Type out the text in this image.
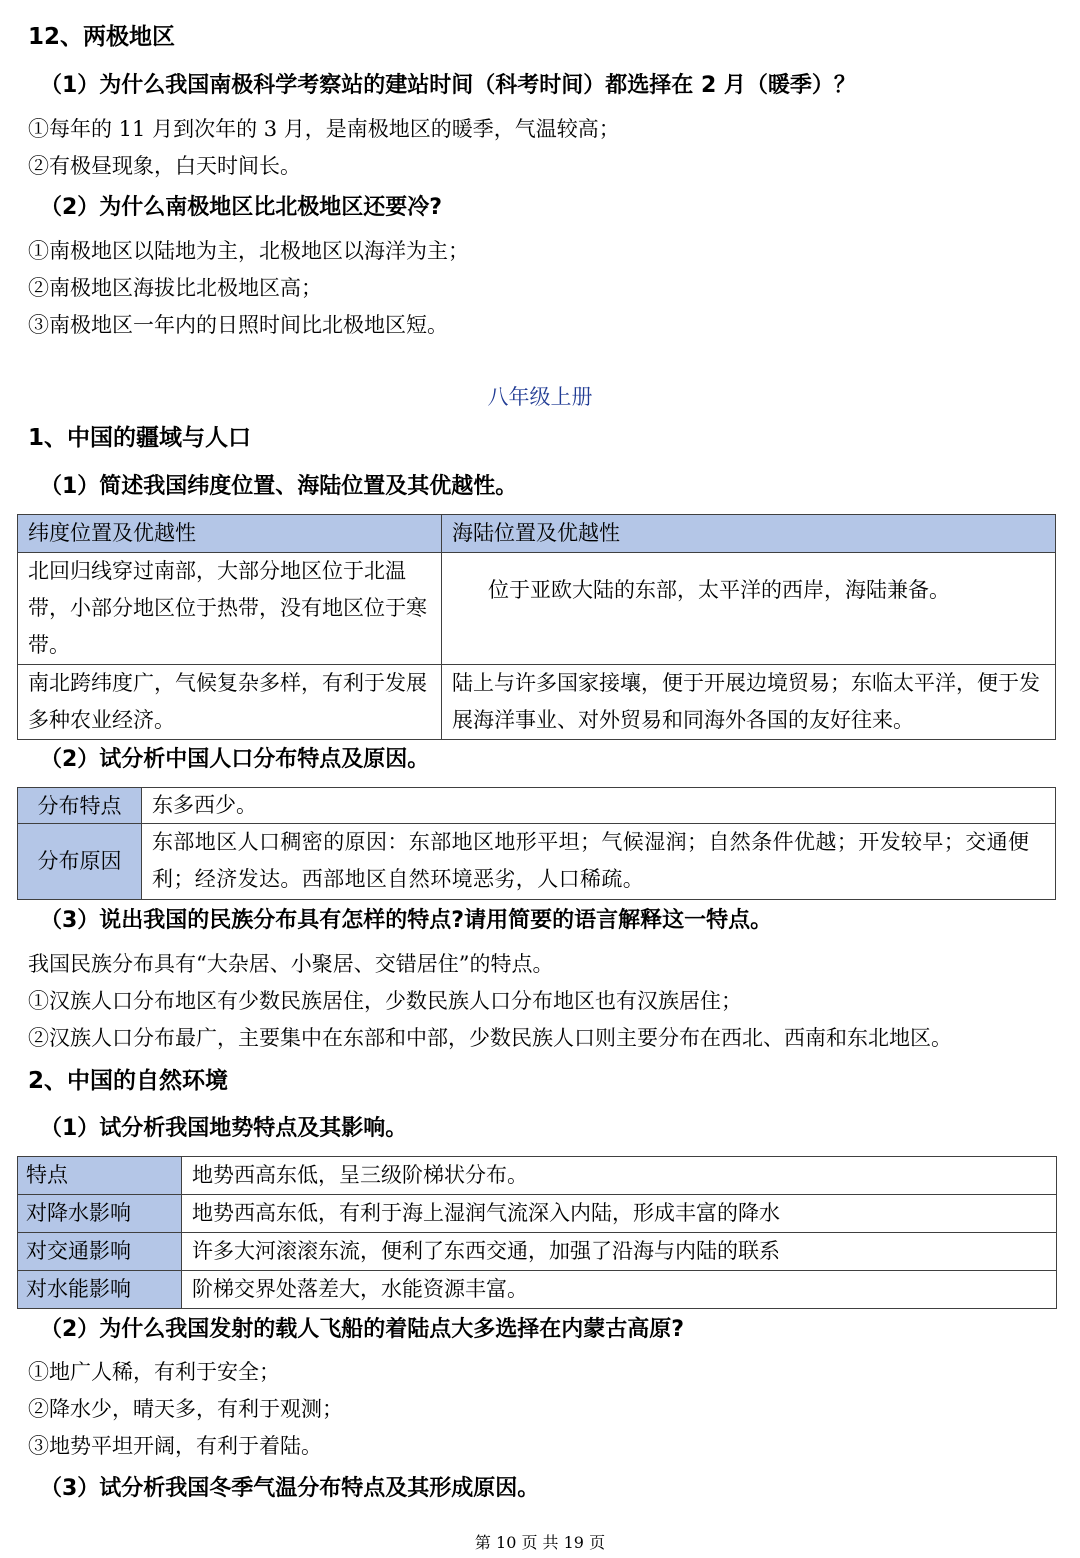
12、两极地区
（1）为什么我国南极科学考察站的建站时间（科考时间）都选择在 2 月（暖季）？
①每年的 11 月到次年的 3 月，是南极地区的暖季，气温较高；
②有极昼现象，白天时间长。
（2）为什么南极地区比北极地区还要冷?
①南极地区以陆地为主，北极地区以海洋为主；
②南极地区海拔比北极地区高；
③南极地区一年内的日照时间比北极地区短。
八年级上册
1、中国的疆域与人口
（1）简述我国纬度位置、海陆位置及其优越性。
纬度位置及优越性	海陆位置及优越性
北回归线穿过南部，大部分地区位于北温带，小部分地区位于热带，没有地区位于寒带。	位于亚欧大陆的东部，太平洋的西岸，海陆兼备。
南北跨纬度广，气候复杂多样，有利于发展多种农业经济。	陆上与许多国家接壤，便于开展边境贸易；东临太平洋，便于发展海洋事业、对外贸易和同海外各国的友好往来。
（2）试分析中国人口分布特点及原因。
分布特点	东多西少。
分布原因	东部地区人口稠密的原因：东部地区地形平坦；气候湿润；自然条件优越；开发较早；交通便利；经济发达。西部地区自然环境恶劣，人口稀疏。
（3）说出我国的民族分布具有怎样的特点?请用简要的语言解释这一特点。
我国民族分布具有“大杂居、小聚居、交错居住”的特点。
①汉族人口分布地区有少数民族居住，少数民族人口分布地区也有汉族居住；
②汉族人口分布最广，主要集中在东部和中部，少数民族人口则主要分布在西北、西南和东北地区。
2、中国的自然环境
（1）试分析我国地势特点及其影响。
特点	地势西高东低，呈三级阶梯状分布。
对降水影响	地势西高东低，有利于海上湿润气流深入内陆，形成丰富的降水
对交通影响	许多大河滚滚东流，便利了东西交通，加强了沿海与内陆的联系
对水能影响	阶梯交界处落差大，水能资源丰富。
（2）为什么我国发射的载人飞船的着陆点大多选择在内蒙古高原?
①地广人稀，有利于安全；
②降水少，晴天多，有利于观测；
③地势平坦开阔，有利于着陆。
（3）试分析我国冬季气温分布特点及其形成原因。
第 10 页 共 19 页
